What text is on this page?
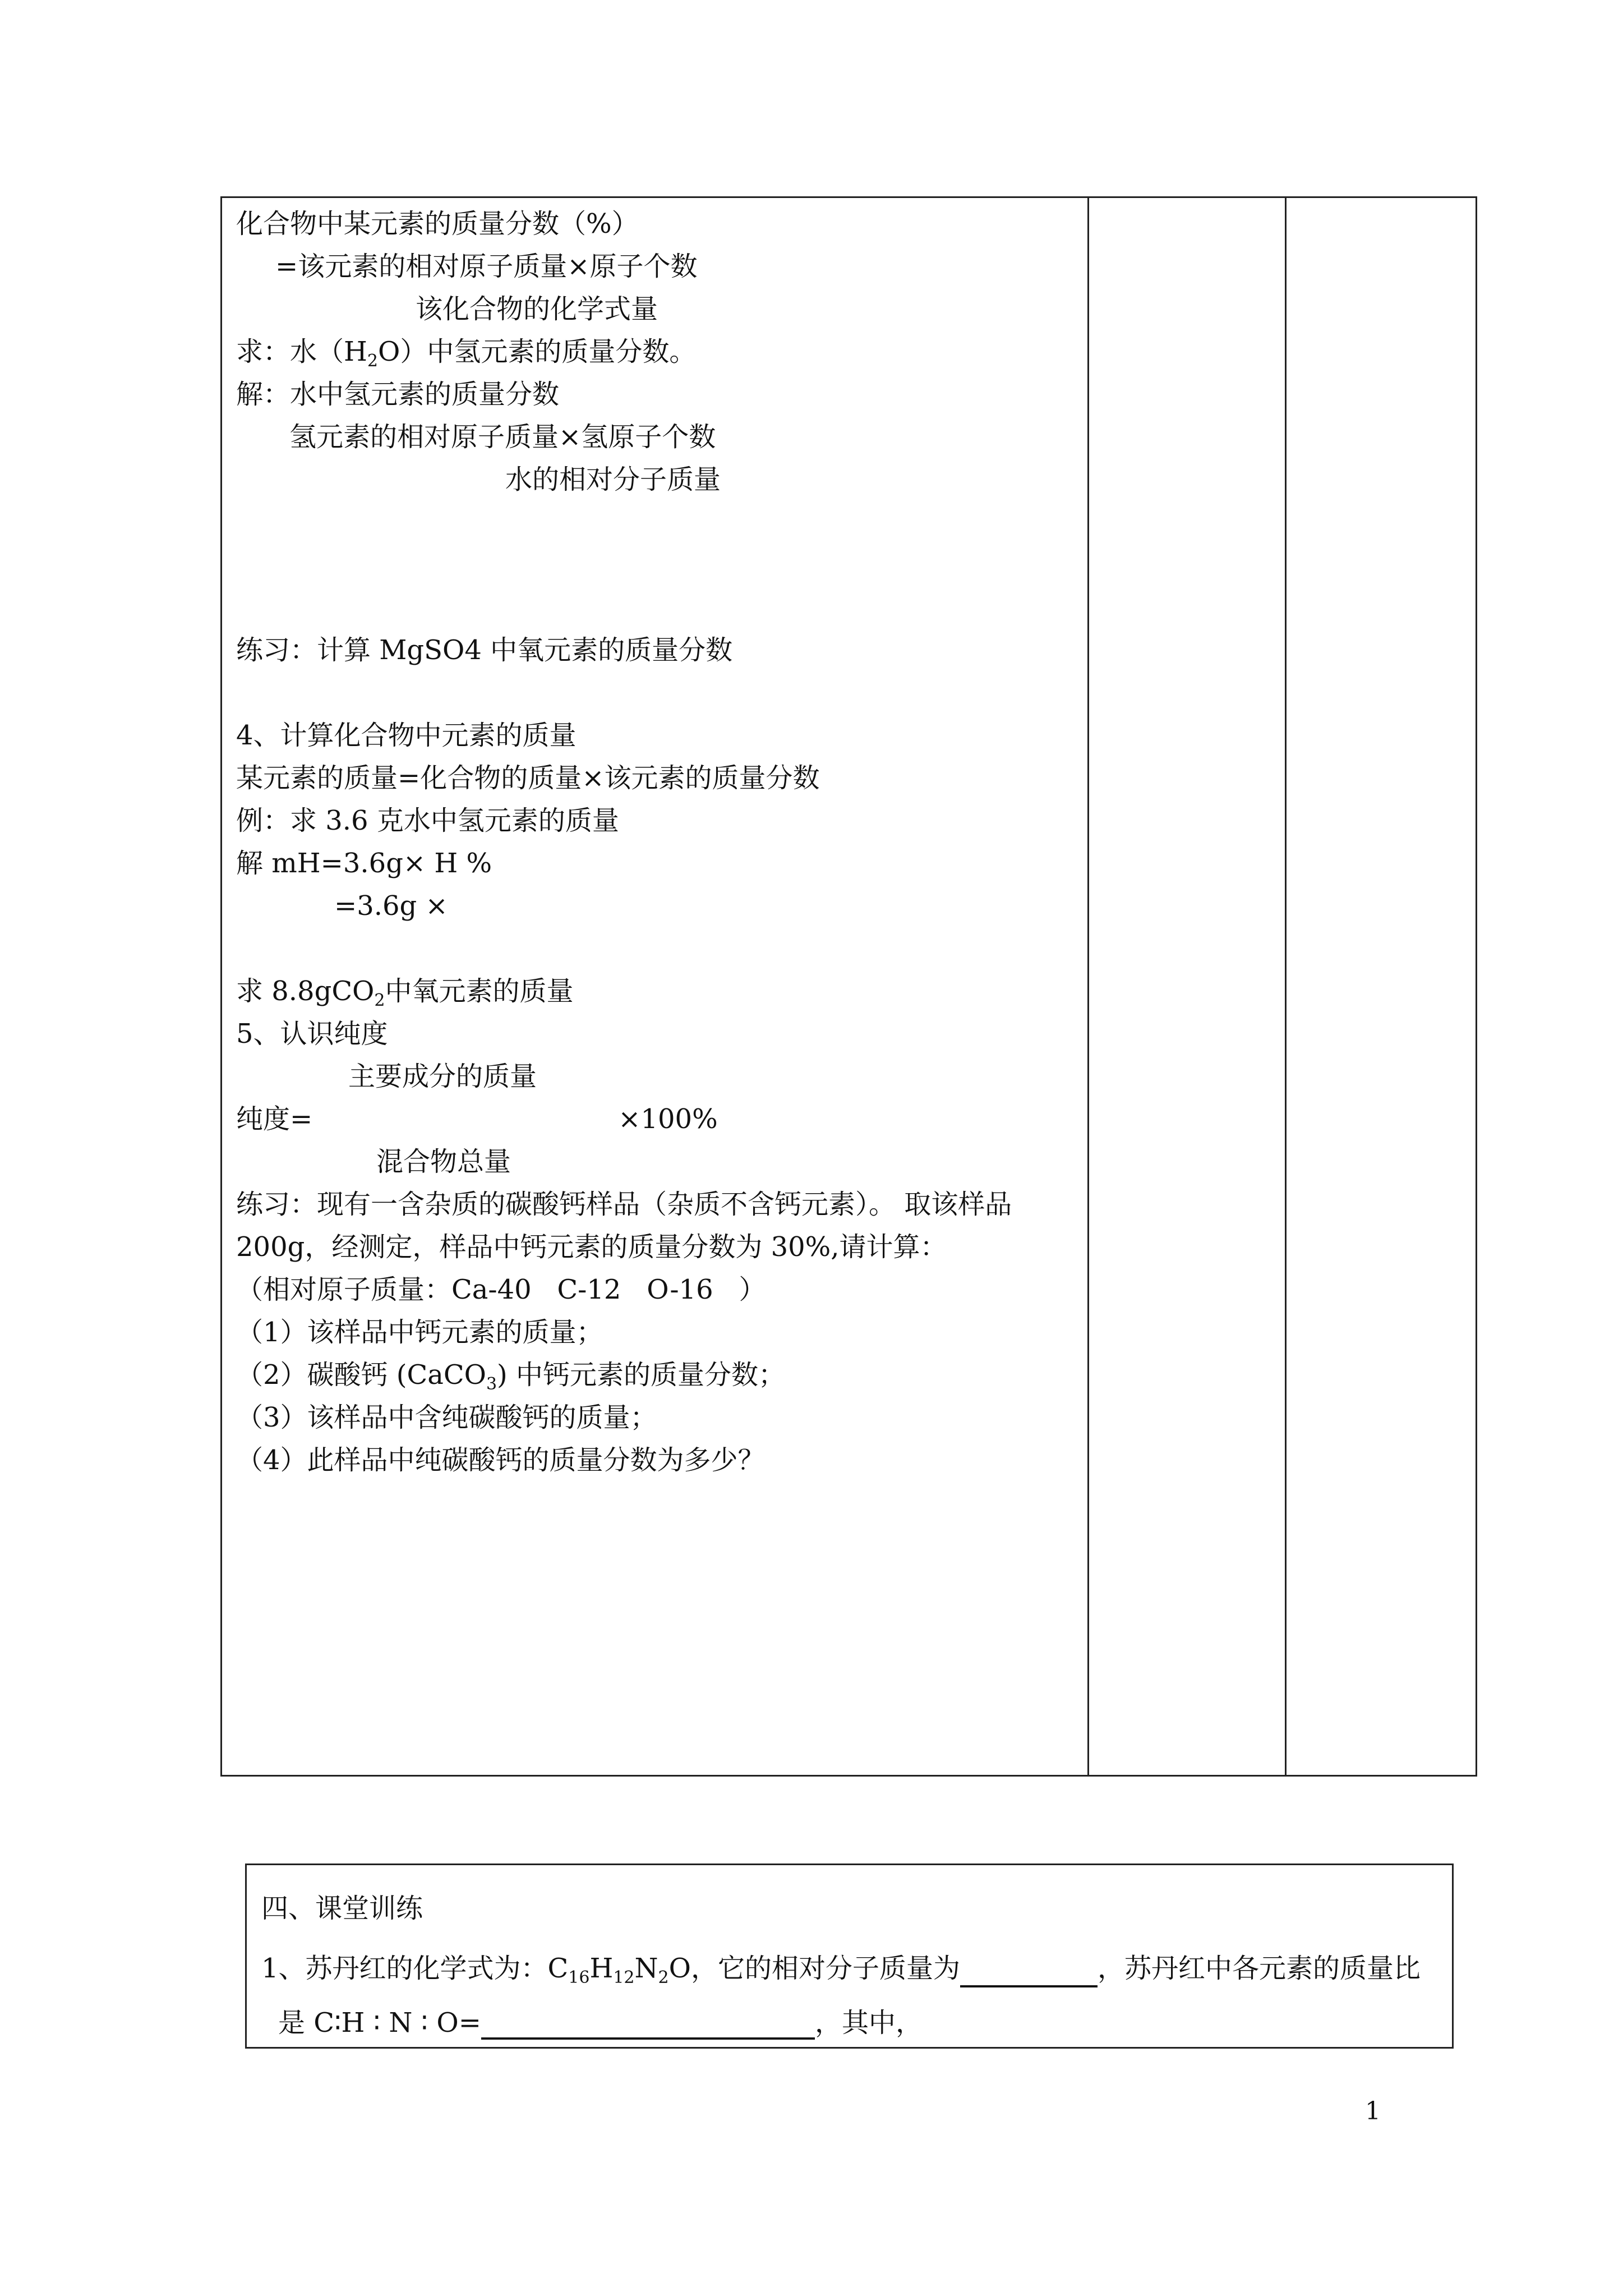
化合物中某元素的质量分数（%）
=该元素的相对原子质量×原子个数
该化合物的化学式量
求：水$(H_2O)$中氢元素的质量分数。
解：水中氢元素的质量分数
氢元素的相对原子质量×氢原子个数
水的相对分子质量
练习：计算 MgSO4 中氧元素的质量分数
4、计算化合物中元素的质量
某元素的质量=化合物的质量×该元素的质量分数
例：求 3.6 克水中氢元素的质量
解 mH=3.6g× H %
=3.6g ×
求 8.8gCO$_2$中氧元素的质量
5、认识纯度
主要成分的质量
纯度=	×100%
混合物总量
练习：现有一含杂质的碳酸钙样品（杂质不含钙元素）。 取该样品
200g，经测定，样品中钙元素的质量分数为 30%,请计算：
（相对原子质量：Ca-40   C-12   O-16   ）
（1）该样品中钙元素的质量；
（2）碳酸钙 (CaCO$_3$) 中钙元素的质量分数；
（3）该样品中含纯碳酸钙的质量；
（4）此样品中纯碳酸钙的质量分数为多少？
四、课堂训练
1、苏丹红的化学式为：$C_{16}H_{12}N_2O$，它的相对分子质量为	，苏丹红中各元素的质量比
是 C∶H ∶ N ∶ O=	，其中，
1
